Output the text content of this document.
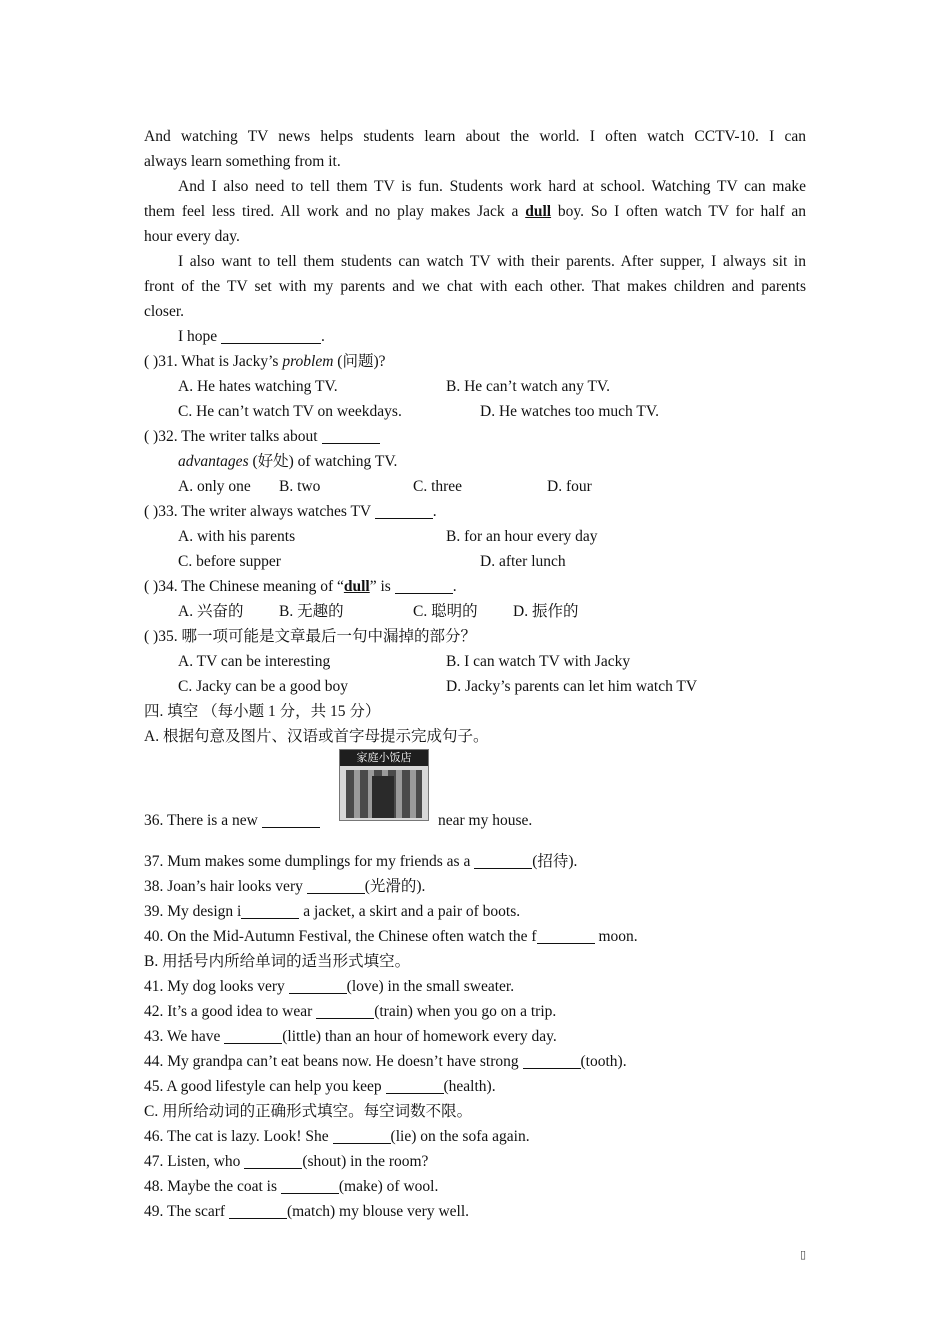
And watching TV news helps students learn about the world. I often watch CCTV-10. I can
always learn something from it.
And I also need to tell them TV is fun. Students work hard at school. Watching TV can make
them feel less tired. All work and no play makes Jack a dull boy. So I often watch TV for half an
hour every day.
I also want to tell them students can watch TV with their parents. After supper, I always sit in
front of the TV set with my parents and we chat with each other. That makes children and parents
closer.
I hope	.
( )31. What is Jacky’s problem (问题)?
A. He hates watching TV.	B. He can’t watch any TV.
C. He can’t watch TV on weekdays.	D. He watches too much TV.
( )32. The writer talks about
advantages (好处) of watching TV.
A. only one B. two	C. three	D. four
( )33. The writer always watches TV	.
A. with his parents	B. for an hour every day
C. before supper	D. after lunch
( )34. The Chinese meaning of “dull” is	.
A. 兴奋的 B. 无趣的	C. 聪明的 D. 振作的
( )35. 哪一项可能是文章最后一句中漏掉的部分？
A. TV can be interesting	B. I can watch TV with Jacky
C. Jacky can be a good boy	D. Jacky’s parents can let him watch TV
四. 填空 （每小题 1 分，共 15 分）
A. 根据句意及图片、汉语或首字母提示完成句子。
36. There is a new
家庭小饭店
near my house.
37. Mum makes some dumplings for my friends as a	(招待).
38. Joan’s hair looks very	(光滑的).
39. My design i	a jacket, a skirt and a pair of boots.
40. On the Mid-Autumn Festival, the Chinese often watch the f	moon.
B. 用括号内所给单词的适当形式填空。
41. My dog looks very	(love) in the small sweater.
42. It’s a good idea to wear	(train) when you go on a trip.
43. We have	(little) than an hour of homework every day.
44. My grandpa can’t eat beans now. He doesn’t have strong	(tooth).
45. A good lifestyle can help you keep	(health).
C. 用所给动词的正确形式填空。每空词数不限。
46. The cat is lazy. Look! She	(lie) on the sofa again.
47. Listen, who	(shout) in the room?
48. Maybe the coat is	(make) of wool.
49. The scarf	(match) my blouse very well.
▯
